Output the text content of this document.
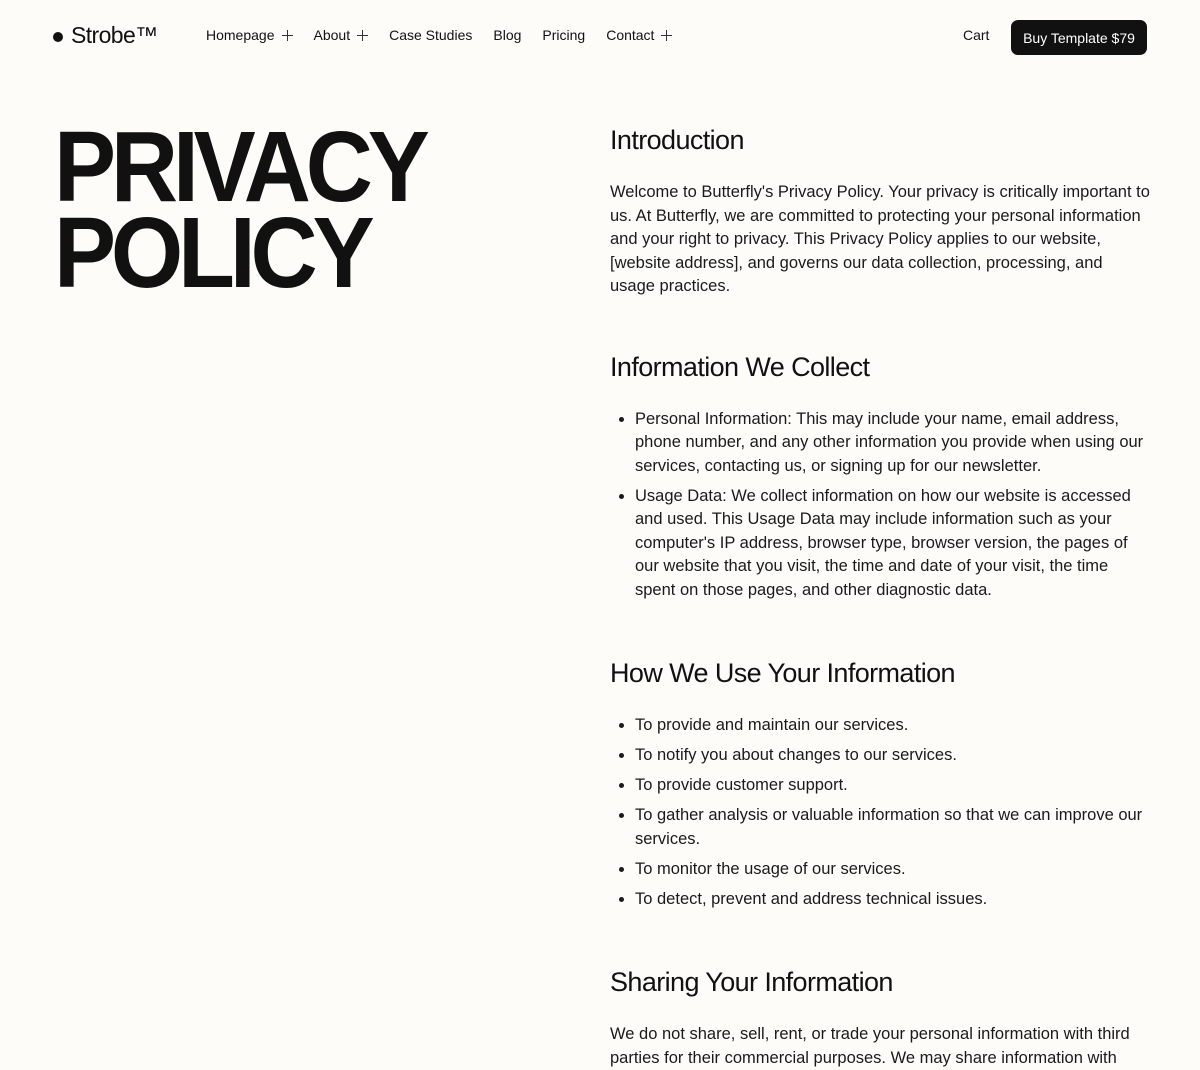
Strobe™	Homepage	About	Case Studies Blog Pricing Contact	Cart	Buy Template $79
PRIVACY
POLICY
Introduction

Welcome to Butterfly's Privacy Policy. Your privacy is critically important to us. At Butterfly, we are committed to protecting your personal information and your right to privacy. This Privacy Policy applies to our website, [website address], and governs our data collection, processing, and usage practices.

Information We Collect
• Personal Information: This may include your name, email address, phone number, and any other information you provide when using our services, contacting us, or signing up for our newsletter.
• Usage Data: We collect information on how our website is accessed and used. This Usage Data may include information such as your computer's IP address, browser type, browser version, the pages of our website that you visit, the time and date of your visit, the time spent on those pages, and other diagnostic data.
How We Use Your Information
• To provide and maintain our services.
• To notify you about changes to our services.
• To provide customer support.
• To gather analysis or valuable information so that we can improve our services.
• To monitor the usage of our services.
• To detect, prevent and address technical issues.
Sharing Your Information

We do not share, sell, rent, or trade your personal information with third parties for their commercial purposes. We may share information with
